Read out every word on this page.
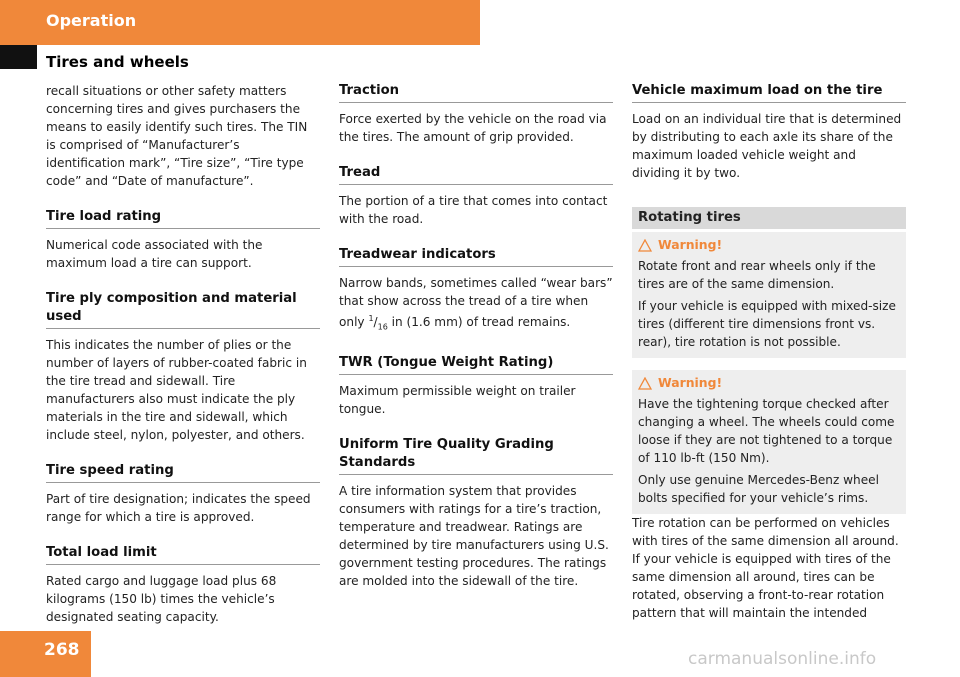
Operation
Tires and wheels

recall situations or other safety matters concerning tires and gives purchasers the means to easily identify such tires. The TIN is comprised of “Manufacturer’s identification mark”, “Tire size”, “Tire type code” and “Date of manufacture”.

Tire load rating

Numerical code associated with the maximum load a tire can support.

Tire ply composition and material used

This indicates the number of plies or the number of layers of rubber-coated fabric in the tire tread and sidewall. Tire manufacturers also must indicate the ply materials in the tire and sidewall, which include steel, nylon, polyester, and others.

Tire speed rating

Part of tire designation; indicates the speed range for which a tire is approved.

Total load limit

Rated cargo and luggage load plus 68 kilograms (150 lb) times the vehicle’s designated seating capacity.

Traction

Force exerted by the vehicle on the road via the tires. The amount of grip provided.

Tread

The portion of a tire that comes into contact with the road.

Treadwear indicators

Narrow bands, sometimes called “wear bars” that show across the tread of a tire when only $^1/_{16}$ in (1.6 mm) of tread remains.

TWR (Tongue Weight Rating)

Maximum permissible weight on trailer tongue.

Uniform Tire Quality Grading Standards

A tire information system that provides consumers with ratings for a tire’s traction, temperature and treadwear. Ratings are determined by tire manufacturers using U.S. government testing procedures. The ratings are molded into the sidewall of the tire.

Vehicle maximum load on the tire

Load on an individual tire that is determined by distributing to each axle its share of the maximum loaded vehicle weight and dividing it by two.

Rotating tires
Warning!

Rotate front and rear wheels only if the tires are of the same dimension.

If your vehicle is equipped with mixed-size tires (different tire dimensions front vs. rear), tire rotation is not possible.

Warning!

Have the tightening torque checked after changing a wheel. The wheels could come loose if they are not tightened to a torque of 110 lb-ft (150 Nm).

Only use genuine Mercedes-Benz wheel bolts specified for your vehicle’s rims.

Tire rotation can be performed on vehicles with tires of the same dimension all around. If your vehicle is equipped with tires of the same dimension all around, tires can be rotated, observing a front-to-rear rotation pattern that will maintain the intended

268	carmanualsonline.info
